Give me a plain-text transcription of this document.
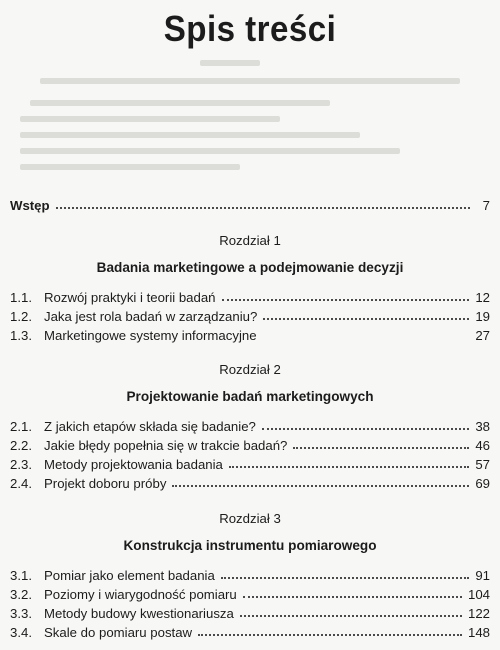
Spis treści
Wstęp	7
Rozdział 1
Badania marketingowe a podejmowanie decyzji
1.1. Rozwój praktyki i teorii badań	12
1.2. Jaka jest rola badań w zarządzaniu?	19
1.3. Marketingowe systemy informacyjne	27
Rozdział 2
Projektowanie badań marketingowych
2.1. Z jakich etapów składa się badanie?	38
2.2. Jakie błędy popełnia się w trakcie badań?	46
2.3. Metody projektowania badania	57
2.4. Projekt doboru próby	69
Rozdział 3
Konstrukcja instrumentu pomiarowego
3.1. Pomiar jako element badania	91
3.2. Poziomy i wiarygodność pomiaru	104
3.3. Metody budowy kwestionariusza	122
3.4. Skale do pomiaru postaw	148
